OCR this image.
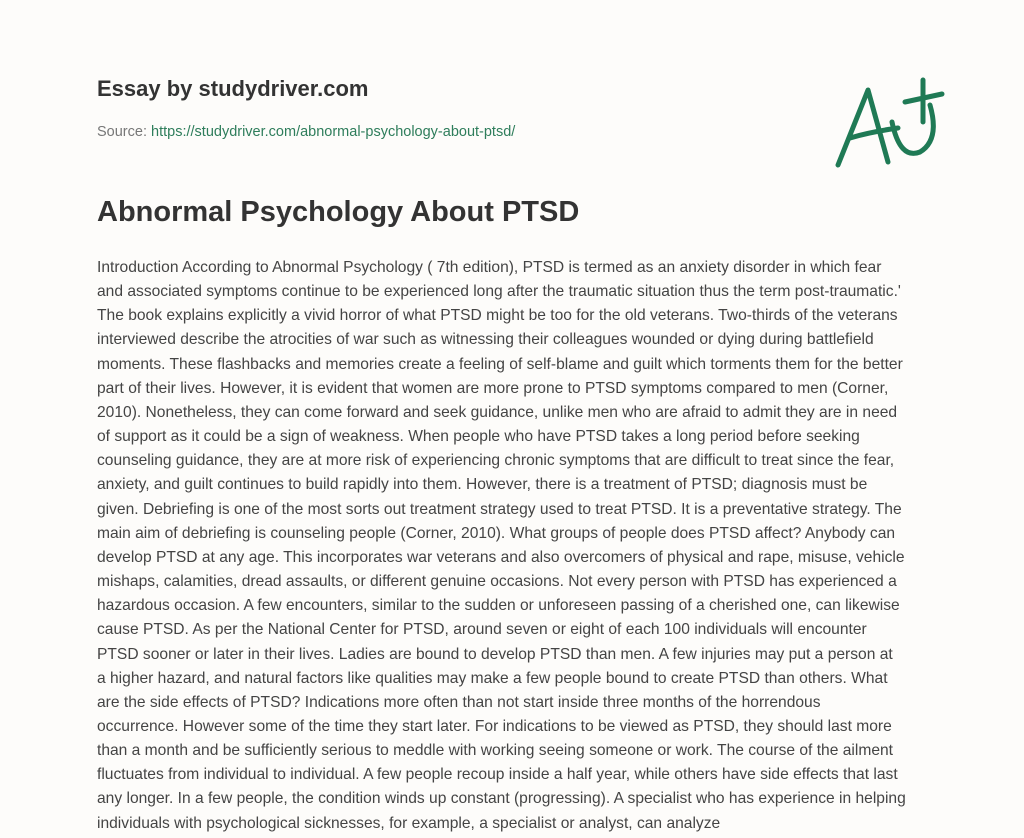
Essay by studydriver.com
Source: https://studydriver.com/abnormal-psychology-about-ptsd/
Abnormal Psychology About PTSD
Introduction According to Abnormal Psychology ( 7th edition), PTSD is termed as an anxiety disorder in which fear
and associated symptoms continue to be experienced long after the traumatic situation thus the term post-traumatic.'
The book explains explicitly a vivid horror of what PTSD might be too for the old veterans. Two-thirds of the veterans
interviewed describe the atrocities of war such as witnessing their colleagues wounded or dying during battlefield
moments. These flashbacks and memories create a feeling of self-blame and guilt which torments them for the better
part of their lives. However, it is evident that women are more prone to PTSD symptoms compared to men (Corner,
2010). Nonetheless, they can come forward and seek guidance, unlike men who are afraid to admit they are in need
of support as it could be a sign of weakness. When people who have PTSD takes a long period before seeking
counseling guidance, they are at more risk of experiencing chronic symptoms that are difficult to treat since the fear,
anxiety, and guilt continues to build rapidly into them. However, there is a treatment of PTSD; diagnosis must be
given. Debriefing is one of the most sorts out treatment strategy used to treat PTSD. It is a preventative strategy. The
main aim of debriefing is counseling people (Corner, 2010). What groups of people does PTSD affect? Anybody can
develop PTSD at any age. This incorporates war veterans and also overcomers of physical and rape, misuse, vehicle
mishaps, calamities, dread assaults, or different genuine occasions. Not every person with PTSD has experienced a
hazardous occasion. A few encounters, similar to the sudden or unforeseen passing of a cherished one, can likewise
cause PTSD. As per the National Center for PTSD, around seven or eight of each 100 individuals will encounter
PTSD sooner or later in their lives. Ladies are bound to develop PTSD than men. A few injuries may put a person at
a higher hazard, and natural factors like qualities may make a few people bound to create PTSD than others. What
are the side effects of PTSD? Indications more often than not start inside three months of the horrendous
occurrence. However some of the time they start later. For indications to be viewed as PTSD, they should last more
than a month and be sufficiently serious to meddle with working seeing someone or work. The course of the ailment
fluctuates from individual to individual. A few people recoup inside a half year, while others have side effects that last
any longer. In a few people, the condition winds up constant (progressing). A specialist who has experience in helping
individuals with psychological sicknesses, for example, a specialist or analyst, can analyze
